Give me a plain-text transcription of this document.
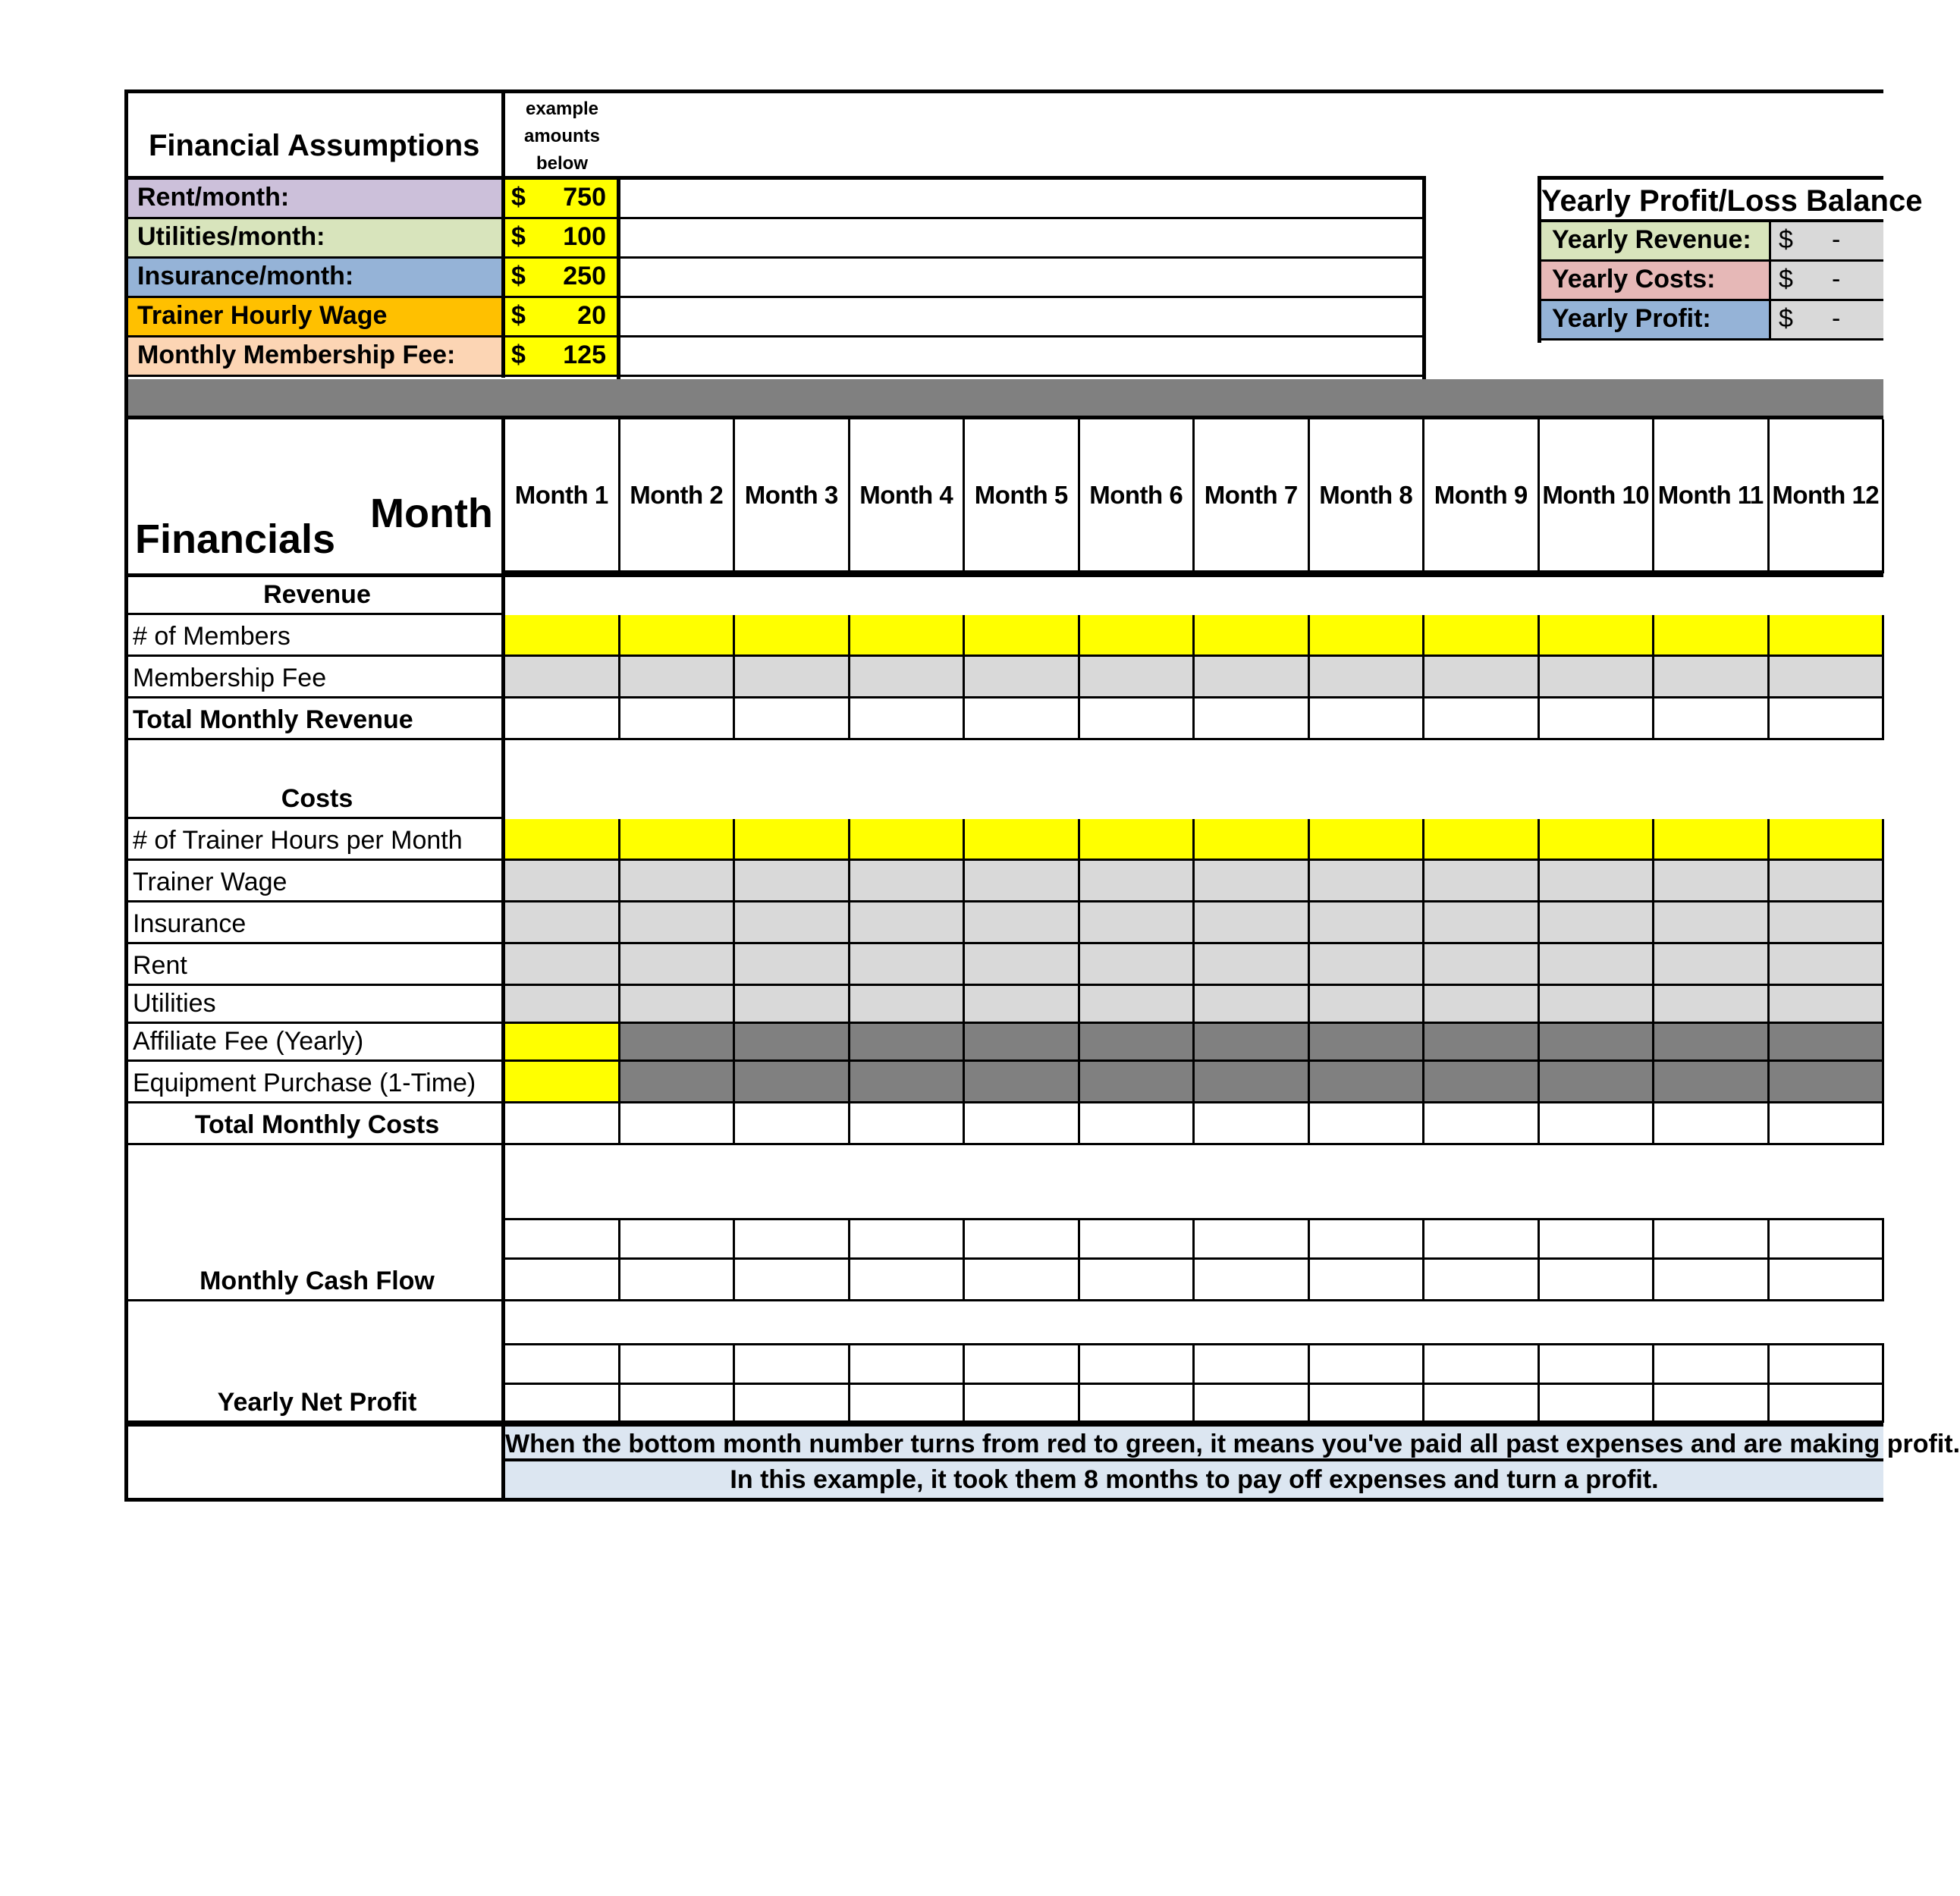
Financial Assumptions
example
amounts
below
Rent/month:	$ 750
Utilities/month:	$ 100
Insurance/month:	$ 250
Trainer Hourly Wage	$ 20
Monthly Membership Fee:	$ 125
Yearly Profit/Loss Balance
Yearly Revenue:	$ -
Yearly Costs:	$ -
Yearly Profit:	$ -
Financials
Month Month 1 Month 2 Month 3 Month 4 Month 5 Month 6 Month 7 Month 8 Month 9 Month 10 Month 11 Month 12
Revenue
# of Members
Membership Fee
Total Monthly Revenue
Costs
# of Trainer Hours per Month
Trainer Wage
Insurance
Rent
Utilities
Affiliate Fee (Yearly)
Equipment Purchase (1-Time)
Total Monthly Costs
Monthly Cash Flow
Yearly Net Profit
When the bottom month number turns from red to green, it means you've paid all past expenses and are making profit.
In this example, it took them 8 months to pay off expenses and turn a profit.
